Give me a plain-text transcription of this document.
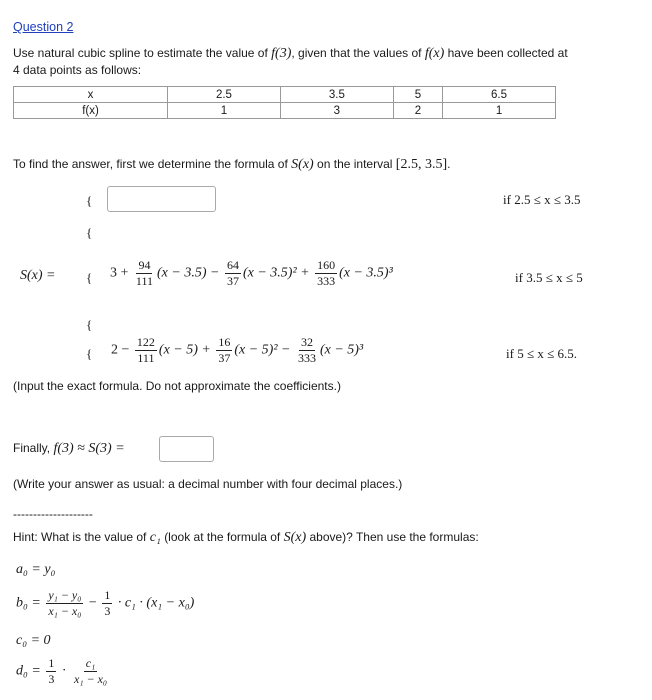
Question 2
Use natural cubic spline to estimate the value of f(3), given that the values of f(x) have been collected at
4 data points as follows:
x	2.5	3.5	5	6.5
f(x)	1	3	2	1
To find the answer, first we determine the formula of S(x) on the interval [2.5, 3.5].
{	if 2.5 ≤ x ≤ 3.5
{
S(x) = { $3 + \frac{94}{111} (x - 3.5) - \frac{64}{37} (x - 3.5)^2 + \frac{160}{333} (x - 3.5)^3$	if 3.5 ≤ x ≤ 5
{
{ $2 - \frac{122}{111} (x - 5) + \frac{16}{37} (x - 5)^2 - \frac{32}{333} (x - 5)^3$	if 5 ≤ x ≤ 6.5.
(Input the exact formula. Do not approximate the coefficients.)
Finally, f(3) ≈ S(3) =
(Write your answer as usual: a decimal number with four decimal places.)
--------------------
Hint: What is the value of c₁ (look at the formula of S(x) above)? Then use the formulas:
a₀ = y₀
$b_0 = \frac{\text{y₁ − y₀}}{\text{x₁ − x₀}} - \frac{1}{3} \cdot c_1 \cdot (x_1 - x_0)$
c₀ = 0
$d_0 = \frac{1}{3} \cdot \frac{\text{c₁}}{\text{x₁ − x₀}}$
